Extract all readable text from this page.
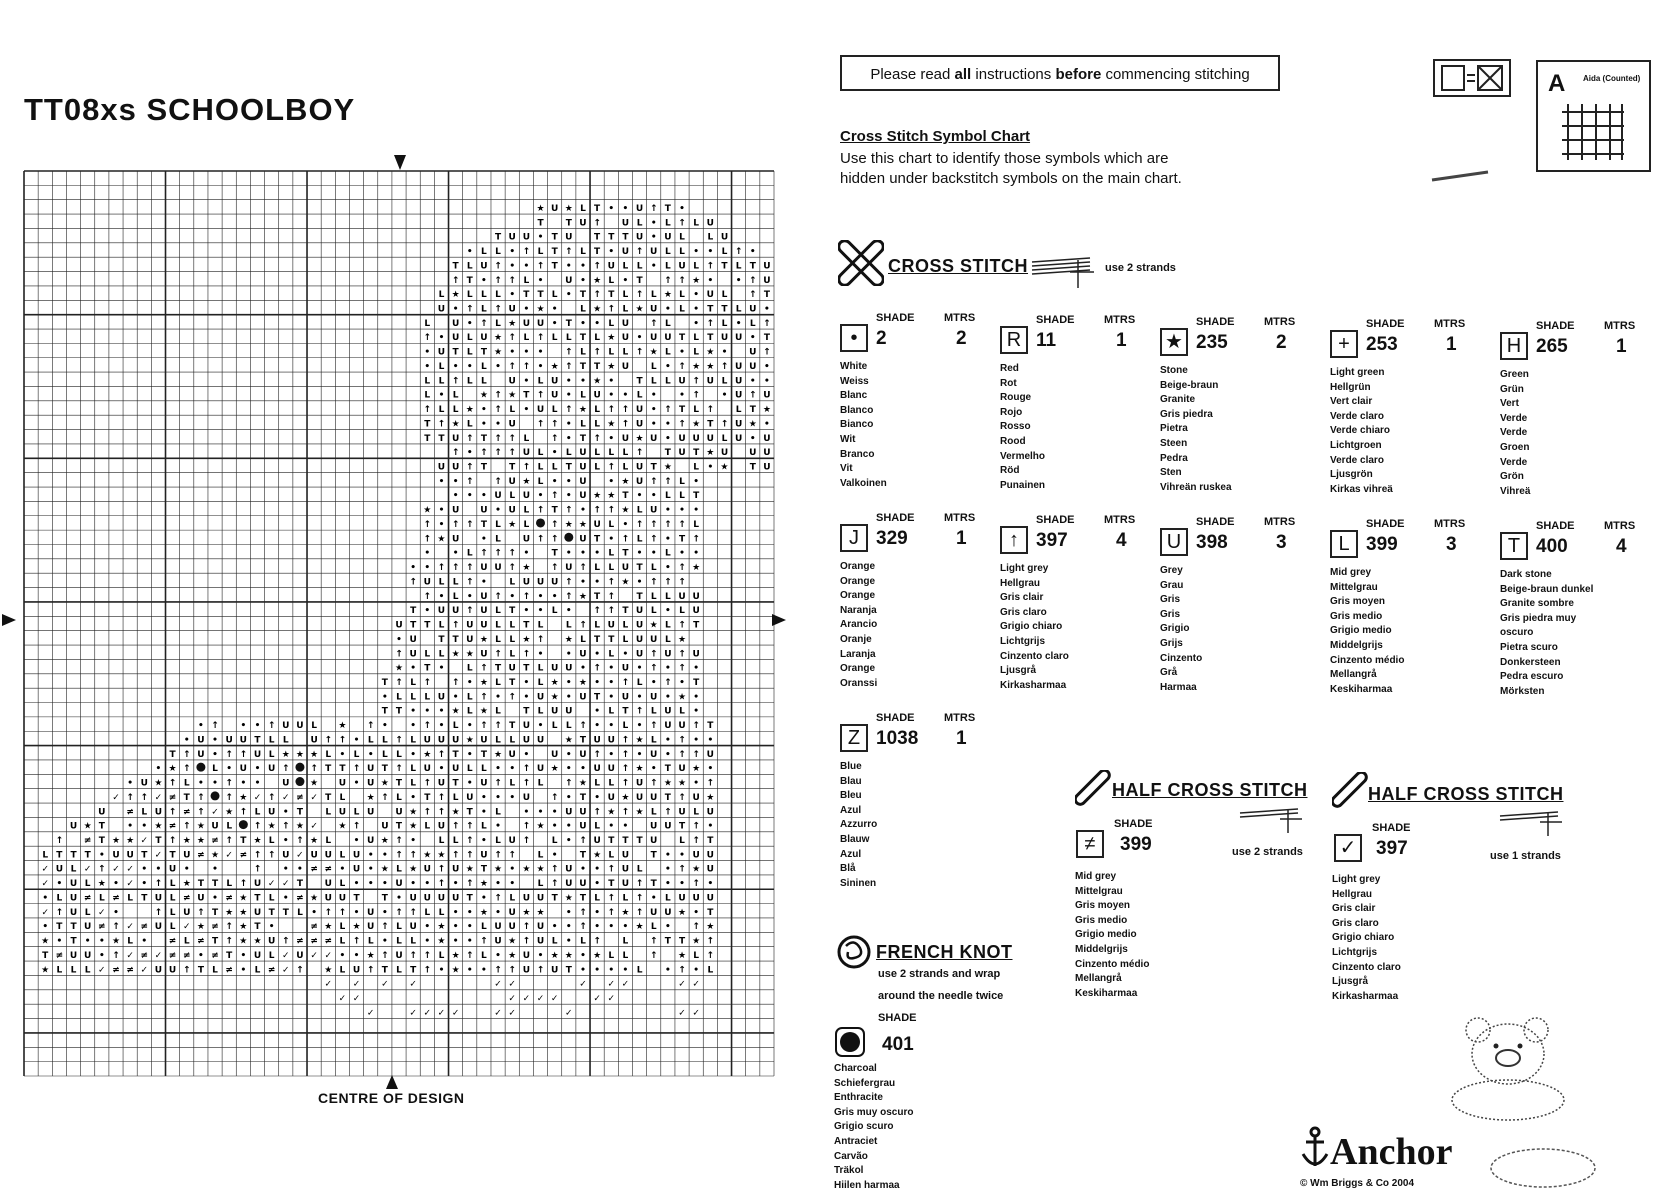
TT08xs SCHOOLBOY
★ U ★ L T • • U ↑ T •
T T U ↑ U L • L ↑ L U
T U U • T U T T T U • U L	L U
• L L • ↑ L T ↑ L T • U ↑ U L L • • L ↑ •
T L U ↑ • • ↑ T • • ↑ U L L • L U L ↑ T L T U
↑ T • ↑ ↑ L • U • ★ L • T ↑ ↑ ★ •	• ↑ U
L ★ L L L • T T L • T ↑ T L ↑ L ★ L • U L ↑ T
U • ↑ L ↑ U • ★ •	L ★ ↑ L ★ U • L • T T L U •
L U • ↑ L ★ U U • T • • L U ↑ L	• ↑ L • L ↑
↑ • U L U ★ ↑ L ↑ L L T L ★ U • U U T L T U U • T
• U T L T ★ • • • ↑ L ↑ L L ↑ ★ L • L ★ • U ↑
• L • • L • ↑ ↑ • ★ ↑ T T ★ U L • ↑ ★ ★ ↑ U U •
L L ↑ L L U • L U • • ★ • T L L U ↑ U L U • •
L • L ★ ↑ ★ T ↑ U • L U • • L •	• ↑ • U ↑ U
↑ L L ★ • ↑ L • U L ↑ ★ L ↑ ↑ U • ↑ T L ↑ L T ★
T ↑ ★ L • • U ↑ ↑ • L L ★ ↑ U • • ↑ ★ T ↑ U ★ •
T T U ↑ T ↑ ↑ L ↑ • T ↑ • U ★ U • U U U L U • U
↑ • ↑ ↑ ↑ U L • L U L L L ↑ T U T ★ U U U
U U ↑ T T ↑ L L T U L ↑ L U T ★ L • ★ T U
• • ↑ ↑ U ★ L • • U • ★ U ↑ ↑ L •
• • • U L U • ↑ • U ★ ★ T • • L L T
★ • U U • U L ↑ T ↑ • ↑ ↑ ★ L U • • •
↑ • ↑ ↑ T L ★ L ↑ ★ ★ U L • ↑ ↑ ↑ ↑ L
↑ ★ U • L U ↑ ↑ U T • ↑ L ↑ • T ↑
•	• L ↑ ↑ ↑ • T • • • L T • • L • •
• • ↑ ↑ ↑ U U ↑ ★ ↑ U ↑ L L U T L • ↑ ★
↑ U L L ↑ •	L U U U ↑ • • ↑ ★ • ↑ ↑ ↑
↑ • L • U ↑ • ↑ • • ↑ ★ T ↑ T L L U U
T • U U ↑ U L T • • L • ↑ ↑ T U L • L U
U T T L ↑ U U L L T L	L ↑ L U L U ★ L ↑ T
• U T T U ★ L L ★ ↑ ★ L T T L U U L ★
↑ U L L ★ ★ U ↑ L ↑ •	• U • L • U ↑ U ↑ U
★ • T •	L ↑ T U T L U U • ↑ • U • ↑ • ↑ •
T ↑ L ↑ ↑ • ★ L T • L ★ • ★ • • ↑ L • ↑ • T
• L L L U • L ↑ • ↑ • U ★ • U T • U • U • ★ •
T T • • • ★ L ★ L T L U U • L T ↑ L U L •
• ↑ • • ↑ U U L ★ ↑ •	• ↑ • L • ↑ ↑ T U • L L ↑ • • L • ↑ U U ↑ T
• U • U U T L L U ↑ ↑ • L L ↑ L U U U ★ U L L U U ★ T U U ↑ ★ L • ↑ • •
T ↑ U • ↑ ↑ U L ★ ★ ★ L • L • L L • ★ ↑ T • T ★ U • U • U ↑ • ↑ • U • ↑ ↑ U
• ★ ↑ L • U • U ↑ ↑ T T ↑ U T ↑ L U • U L L • • ↑ U ★ • • U U ↑ ★ • T U ★ •
• U ★ ↑ L • • ↑ • • U ★ U • U ★ T L ↑ U T • U ↑ L ↑ L ↑ ★ L L ↑ U ↑ ★ ★ • ↑
✓ ↑ ↑ ✓ ≠ T ↑ ↑ ★ ✓ ↑ ✓ ≠ ✓ T L ★ ↑ L • T ↑ L U • • • U ↑ • T • U ★ U U T ↑ U ★
U ≠ L U ↑ ≠ ↑ ✓ ★ ↑ L U • T L U L U U ★ ↑ ↑ ★ T • L	• • • U U ↑ ★ ↑ ★ L ↑ U L U
U ★ T • • ★ ≠ ↑ ★ U L ↑ ★ ↑ ★ ✓ ★ ↑ U T ★ L U ↑ ↑ L • ↑ ★ • • U L • • U U T ↑ •
↑ ≠ T ★ ★ ✓ T ↑ ★ ★ ≠ ↑ T ★ L • ↑ ★ L	• U ★ ↑ •	L L ↑ • L U ↑ L • ↑ U T T T U L ↑ T
L T T T • U U T ✓ T U ≠ ★ ✓ ≠ ↑ ↑ U ✓ U U L U • • ↑ ↑ ★ ★ ↑ ↑ U ↑ ↑ L • T ★ L U T • • U U
✓ U L ✓ ↑ ✓ ✓ • • U •	•	↑ • • ≠ ≠ • U • ★ L ★ U ↑ U ★ T ★ • ★ ★ ↑ U • • ↑ U L	• ↑ ★ U
✓ • U L ★ • ✓ • ↑ L ★ T T L ↑ U ✓ ✓ T U L • • • U • • ↑ • ↑ ★ • •	L ↑ U U • T U ↑ T • • ↑ •
• L U ≠ L ≠ L T U L ≠ U • ≠ ★ T L • ≠ ★ U U T T • U U U U T • ↑ L U U T ★ T L ↑ L ↑ • L U U U
✓ ↑ U L ✓ •	↑ L U ↑ T ★ ★ U T T L • ↑ ↑ • U • ↑ ↑ L L • • ★ • U ★ ★ • ↑ • ↑ ★ ↑ U U ★ • T
• T T U ≠ ↑ ✓ ≠ U L ✓ ★ ≠ ↑ ★ T •	≠ ★ L ★ U ↑ L U • ★ • • L U U ↑ U • • ↑ • • • ★ L • ↑ ★
★ • T • • ★ L • ≠ L ≠ T ↑ ★ ★ U ↑ ≠ ≠ ≠ L ↑ L • L L • ★ • • ↑ U ★ ↑ U L • L ↑ L ↑ T T ★ ↑
T ≠ U U • ↑ ✓ ≠ ✓ ≠ ≠ • ≠ T • U L ✓ U ✓ ✓ • • ★ ↑ U ↑ ↑ L ★ ↑ L • ★ U • ★ ★ • ★ L L ↑ ★ L ↑
★ L L L ✓ ≠ ≠ ✓ U U ↑ T L ≠ • L ≠ ✓ ↑ ★ L U ↑ T L T ↑ • ★ • • ↑ ↑ U ↑ U T • • • • L	• ↑ • L
✓ ✓ ✓ ✓	✓ ✓	✓ ✓ ✓	✓ ✓
✓ ✓	✓ ✓ ✓ ✓	✓ ✓
✓	✓ ✓ ✓ ✓	✓ ✓	✓	✓ ✓
CENTRE OF DESIGN
Please read all instructions before commencing stitching	A Aida (Counted)
Cross Stitch Symbol Chart
Use this chart to identify those symbols which are
hidden under backstitch symbols on the main chart.
CROSS STITCH	use 2 strands
SHADE	MTRS
• 2	2
White
Weiss
Blanc
Blanco
Bianco
Wit
Branco
Vit
Valkoinen
SHADE	MTRS
R 11	1
Red
Rot
Rouge
Rojo
Rosso
Rood
Vermelho
Röd
Punainen
SHADE	MTRS
★ 235	2
Stone
Beige-braun
Granite
Gris piedra
Pietra
Steen
Pedra
Sten
Vihreän ruskea
SHADE	MTRS
+ 253	1
Light green
Hellgrün
Vert clair
Verde claro
Verde chiaro
Lichtgroen
Verde claro
Ljusgrön
Kirkas vihreä
SHADE	MTRS
H 265	1
Green
Grün
Vert
Verde
Verde
Groen
Verde
Grön
Vihreä
SHADE	MTRS
J 329	1
Orange
Orange
Orange
Naranja
Arancio
Oranje
Laranja
Orange
Oranssi
SHADE	MTRS
↑ 397	4
Light grey
Hellgrau
Gris clair
Gris claro
Grigio chiaro
Lichtgrijs
Cinzento claro
Ljusgrå
Kirkasharmaa
SHADE	MTRS
U 398	3
Grey
Grau
Gris
Gris
Grigio
Grijs
Cinzento
Grå
Harmaa
SHADE	MTRS
L 399	3
Mid grey
Mittelgrau
Gris moyen
Gris medio
Grigio medio
Middelgrijs
Cinzento médio
Mellangrå
Keskiharmaa
SHADE	MTRS
T 400	4
Dark stone
Beige-braun dunkel
Granite sombre
Gris piedra muy
oscuro
Pietra scuro
Donkersteen
Pedra escuro
Mörksten
SHADE	MTRS
Z 1038 1
Blue
Blau
Bleu
Azul
Azzurro
Blauw
Azul
Blå
Sininen
HALF CROSS STITCH
use 2 strands
SHADE
≠	399
Mid grey
Mittelgrau
Gris moyen
Gris medio
Grigio medio
Middelgrijs
Cinzento médio
Mellangrå
Keskiharmaa
HALF CROSS STITCH
use 1 strands
SHADE
✓ 397
Light grey
Hellgrau
Gris clair
Gris claro
Grigio chiaro
Lichtgrijs
Cinzento claro
Ljusgrå
Kirkasharmaa
FRENCH KNOT
use 2 strands and wrap
around the needle twice
SHADE
401
Charcoal
Schiefergrau
Enthracite
Gris muy oscuro
Grigio scuro
Antraciet
Carvão
Träkol
Hiilen harmaa
Anchor
© Wm Briggs & Co 2004
